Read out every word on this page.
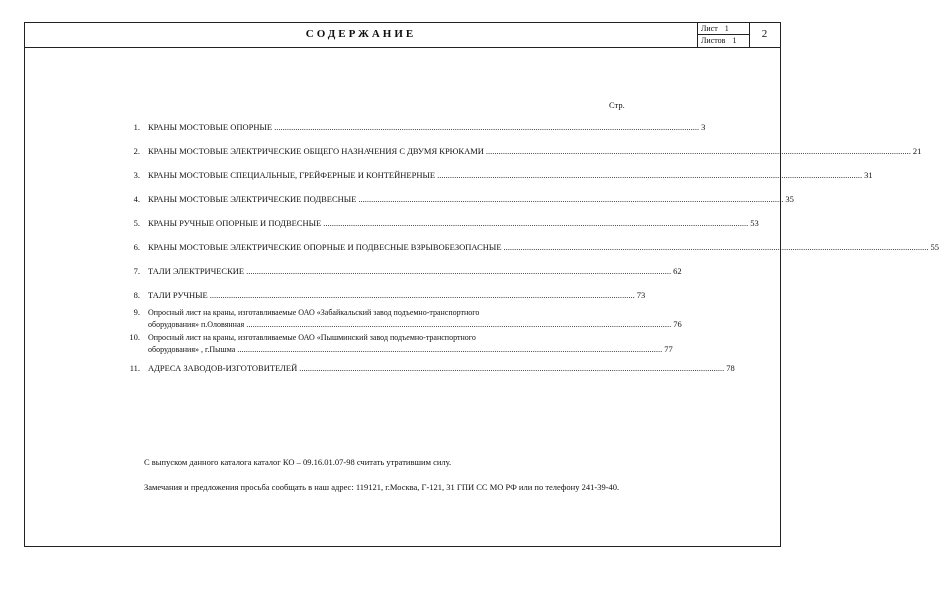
СОДЕРЖАНИЕ	Лист 1
Листов 1
2
Стр.
1. КРАНЫ МОСТОВЫЕ ОПОРНЫЕ ........................................................................................................................................................................................................ 3
2. КРАНЫ МОСТОВЫЕ ЭЛЕКТРИЧЕСКИЕ ОБЩЕГО НАЗНАЧЕНИЯ С ДВУМЯ КРЮКАМИ ........................................................................................................................................................................................................ 21
3. КРАНЫ МОСТОВЫЕ СПЕЦИАЛЬНЫЕ, ГРЕЙФЕРНЫЕ И КОНТЕЙНЕРНЫЕ ........................................................................................................................................................................................................ 31
4. КРАНЫ МОСТОВЫЕ ЭЛЕКТРИЧЕСКИЕ ПОДВЕСНЫЕ ........................................................................................................................................................................................................ 35
5. КРАНЫ РУЧНЫЕ ОПОРНЫЕ И ПОДВЕСНЫЕ ........................................................................................................................................................................................................ 53
6. КРАНЫ МОСТОВЫЕ ЭЛЕКТРИЧЕСКИЕ ОПОРНЫЕ И ПОДВЕСНЫЕ ВЗРЫВОБЕЗОПАСНЫЕ ........................................................................................................................................................................................................ 55
7. ТАЛИ ЭЛЕКТРИЧЕСКИЕ ........................................................................................................................................................................................................ 62
8. ТАЛИ РУЧНЫЕ ........................................................................................................................................................................................................ 73
9. Опросный лист на краны, изготавливаемые ОАО «Забайкальский завод подъемно-транспортного
оборудования» п.Оловянная ........................................................................................................................................................................................................ 76
10. Опросный лист на краны, изготавливаемые ОАО «Пышминский завод подъемно-транспортного
оборудования» , г.Пышма ........................................................................................................................................................................................................ 77
11. АДРЕСА ЗАВОДОВ-ИЗГОТОВИТЕЛЕЙ ........................................................................................................................................................................................................ 78
С выпуском данного каталога каталог КО – 09.16.01.07-98 считать утратившим силу.
Замечания и предложения просьба сообщать в наш адрес: 119121, г.Москва, Г-121, 31 ГПИ СС МО РФ или по телефону 241-39-40.
